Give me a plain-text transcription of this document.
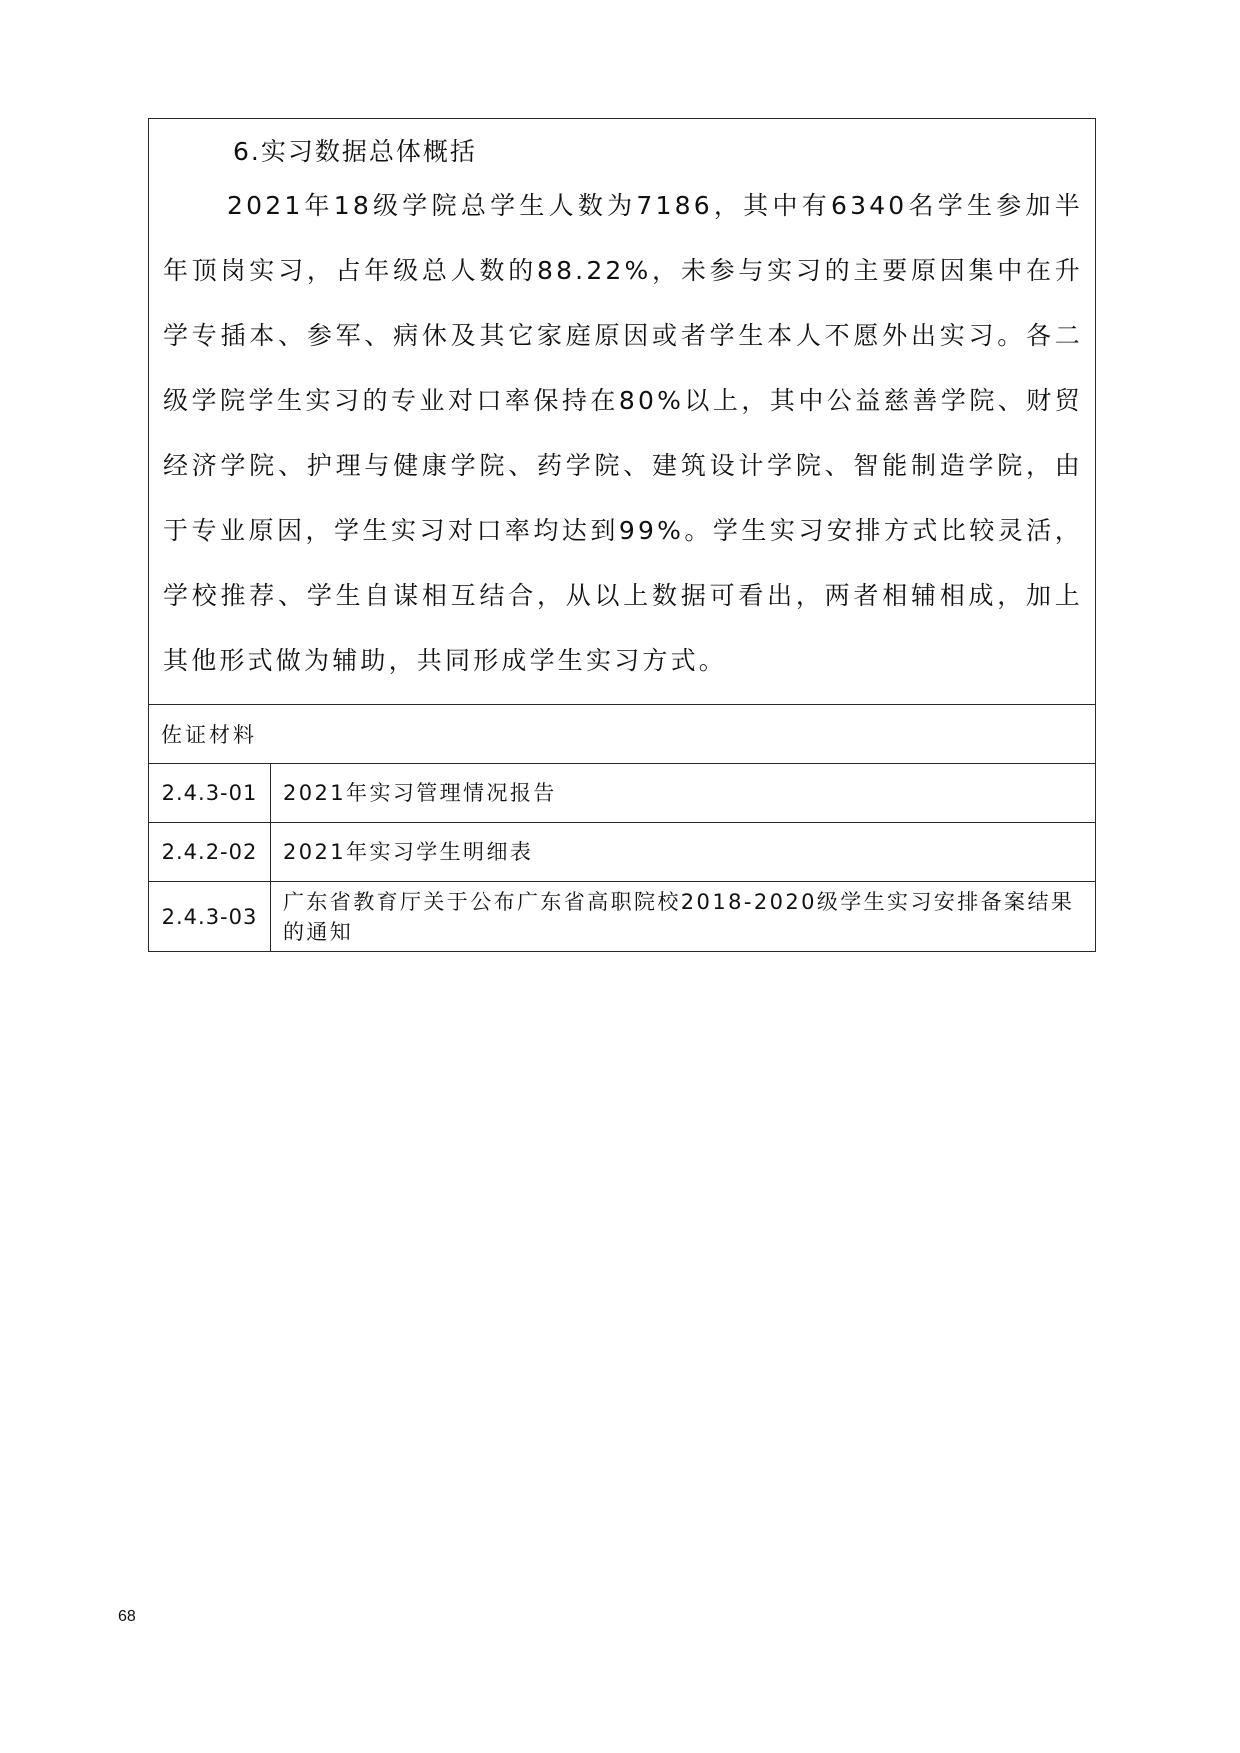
6.实习数据总体概括

2021年18级学院总学生人数为7186，其中有6340名学生参加半年顶岗实习，占年级总人数的88.22%，未参与实习的主要原因集中在升学专插本、参军、病休及其它家庭原因或者学生本人不愿外出实习。各二级学院学生实习的专业对口率保持在80%以上，其中公益慈善学院、财贸经济学院、护理与健康学院、药学院、建筑设计学院、智能制造学院，由于专业原因，学生实习对口率均达到99%。学生实习安排方式比较灵活，学校推荐、学生自谋相互结合，从以上数据可看出，两者相辅相成，加上其他形式做为辅助，共同形成学生实习方式。	

佐证材料	
2.4.3-01	2021年实习管理情况报告
2.4.2-02	2021年实习学生明细表
2.4.3-03	广东省教育厅关于公布广东省高职院校2018-2020级学生实习安排备案结果的通知
68
